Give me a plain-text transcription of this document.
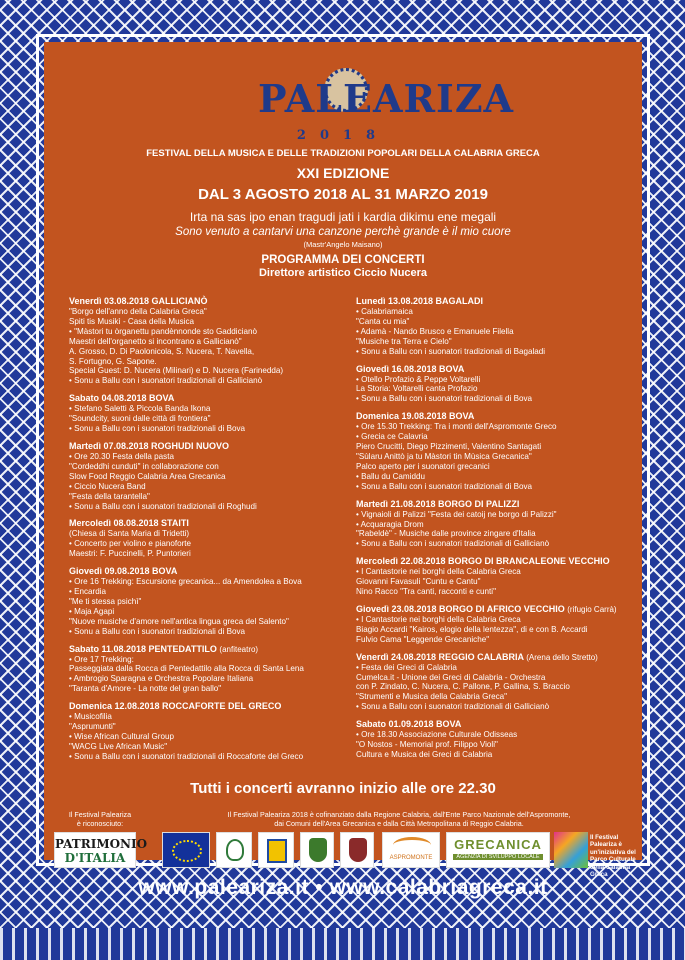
PALEARIZA
2018
FESTIVAL DELLA MUSICA E DELLE TRADIZIONI POPOLARI DELLA CALABRIA GRECA
XXI EDIZIONE
DAL 3 AGOSTO 2018 AL 31 MARZO 2019
Irta na sas ipo enan tragudi jati i kardia dikimu ene megali
Sono venuto a cantarvi una canzone perchè grande è il mio cuore
(Mastr'Angelo Maisano)
PROGRAMMA DEI CONCERTI
Direttore artistico Ciccio Nucera
Venerdì 03.08.2018 GALLICIANÒ
"Borgo dell'anno della Calabria Greca"
Spiti tis Musikì - Casa della Musica
• "Màstori tu òrganettu pandènnonde sto Gaddicianò
Maestri dell'organetto si incontrano a Gallicianò"
A. Grosso, D. Di Paolonicola, S. Nucera, T. Navella,
S. Fortugno, G. Sapone.
Special Guest: D. Nucera (Milinari) e D. Nucera (Farinedda)
• Sonu a Ballu con i suonatori tradizionali di Gallicianò
Sabato 04.08.2018 BOVA
• Stefano Saletti & Piccola Banda Ikona
"Soundcity, suoni dalle città di frontiera"
• Sonu a Ballu con i suonatori tradizionali di Bova
Martedì 07.08.2018 ROGHUDI NUOVO
• Ore 20.30 Festa della pasta
"Cordeddhi cunduti" in collaborazione con
Slow Food Reggio Calabria Area Grecanica
• Ciccio Nucera Band
"Festa della tarantella"
• Sonu a Ballu con i suonatori tradizionali di Roghudi
Mercoledì 08.08.2018 STAITI
(Chiesa di Santa Maria di Tridetti)
• Concerto per violino e pianoforte
Maestri: F. Puccinelli, P. Puntorieri
Giovedì 09.08.2018 BOVA
• Ore 16 Trekking: Escursione grecanica... da Amendolea a Bova
• Encardia
"Me ti stessa psichì"
• Maja Agapi
"Nuove musiche d'amore nell'antica lingua greca del Salento"
• Sonu a Ballu con i suonatori tradizionali di Bova
Sabato 11.08.2018 PENTEDATTILO (anfiteatro)
• Ore 17 Trekking:
Passeggiata dalla Rocca di Pentedattilo alla Rocca di Santa Lena
• Ambrogio Sparagna e Orchestra Popolare Italiana
"Taranta d'Amore - La notte del gran ballo"
Domenica 12.08.2018 ROCCAFORTE DEL GRECO
• Musicofilia
"Asprumunti"
• Wise African Cultural Group
"WACG Live African Music"
• Sonu a Ballu con i suonatori tradizionali di Roccaforte del Greco
Lunedì 13.08.2018 BAGALADI
• Calabriamaica
"Canta cu mia"
• Adamà - Nando Brusco e Emanuele Filella
"Musiche tra Terra e Cielo"
• Sonu a Ballu con i suonatori tradizionali di Bagaladi
Giovedì 16.08.2018 BOVA
• Otello Profazio & Peppe Voltarelli
La Storia: Voltarelli canta Profazio
• Sonu a Ballu con i suonatori tradizionali di Bova
Domenica 19.08.2018 BOVA
• Ore 15.30 Trekking: Tra i monti dell'Aspromonte Greco
• Grecia ce Calavria
Piero Crucitti, Diego Pizzimenti, Valentino Santagati
"Sùlaru Anittò ja tu Màstori tin Mùsica Grecanica"
Palco aperto per i suonatori grecanici
• Ballu du Camiddu
• Sonu a Ballu con i suonatori tradizionali di Bova
Martedì 21.08.2018 BORGO DI PALIZZI
• Vignaioli di Palizzi "Festa dei catoij ne borgo di Palizzi"
• Acquaragia Drom
"Rabeldè" - Musiche dalle province zingare d'Italia
• Sonu a Ballu con i suonatori tradizionali di Gallicianò
Mercoledì 22.08.2018 BORGO DI BRANCALEONE VECCHIO
• I Cantastorie nei borghi della Calabria Greca
Giovanni Favasuli "Cuntu e Cantu"
Nino Racco "Tra canti, racconti e cunti"
Giovedì 23.08.2018 BORGO DI AFRICO VECCHIO (rifugio Carrà)
• I Cantastorie nei borghi della Calabria Greca
Biagio Accardi "Kairos, elogio della lentezza", di e con B. Accardi
Fulvio Cama "Leggende Grecaniche"
Venerdì 24.08.2018 REGGIO CALABRIA (Arena dello Stretto)
• Festa dei Greci di Calabria
Cumelca.it - Unione dei Greci di Calabria - Orchestra
con P. Zindato, C. Nucera, C. Pallone, P. Gallina, S. Braccio
"Strumenti e Musica della Calabria Greca"
• Sonu a Ballu con i suonatori tradizionali di Gallicianò
Sabato 01.09.2018 BOVA
• Ore 18.30 Associazione Culturale Odisseas
"O Nostos - Memorial prof. Filippo Violi"
Cultura e Musica dei Greci di Calabria
Tutti i concerti avranno inizio alle ore 22.30
Il Festival Paleariza
è riconosciuto:
Il Festival Paleariza 2018 è cofinanziato dalla Regione Calabria, dall'Ente Parco Nazionale dell'Aspromonte,
dai Comuni dell'Area Grecanica e dalla Città Metropolitana di Reggio Calabria.
PATRIMONIO
D'ITALIA	ASPROMONTE
GRECANICA
AGENZIA DI SVILUPPO LOCALE
Il Festival Paleariza è un'iniziativa del Parco Culturale della Calabria Greca
www.paleariza.it • www.calabriagreca.it
